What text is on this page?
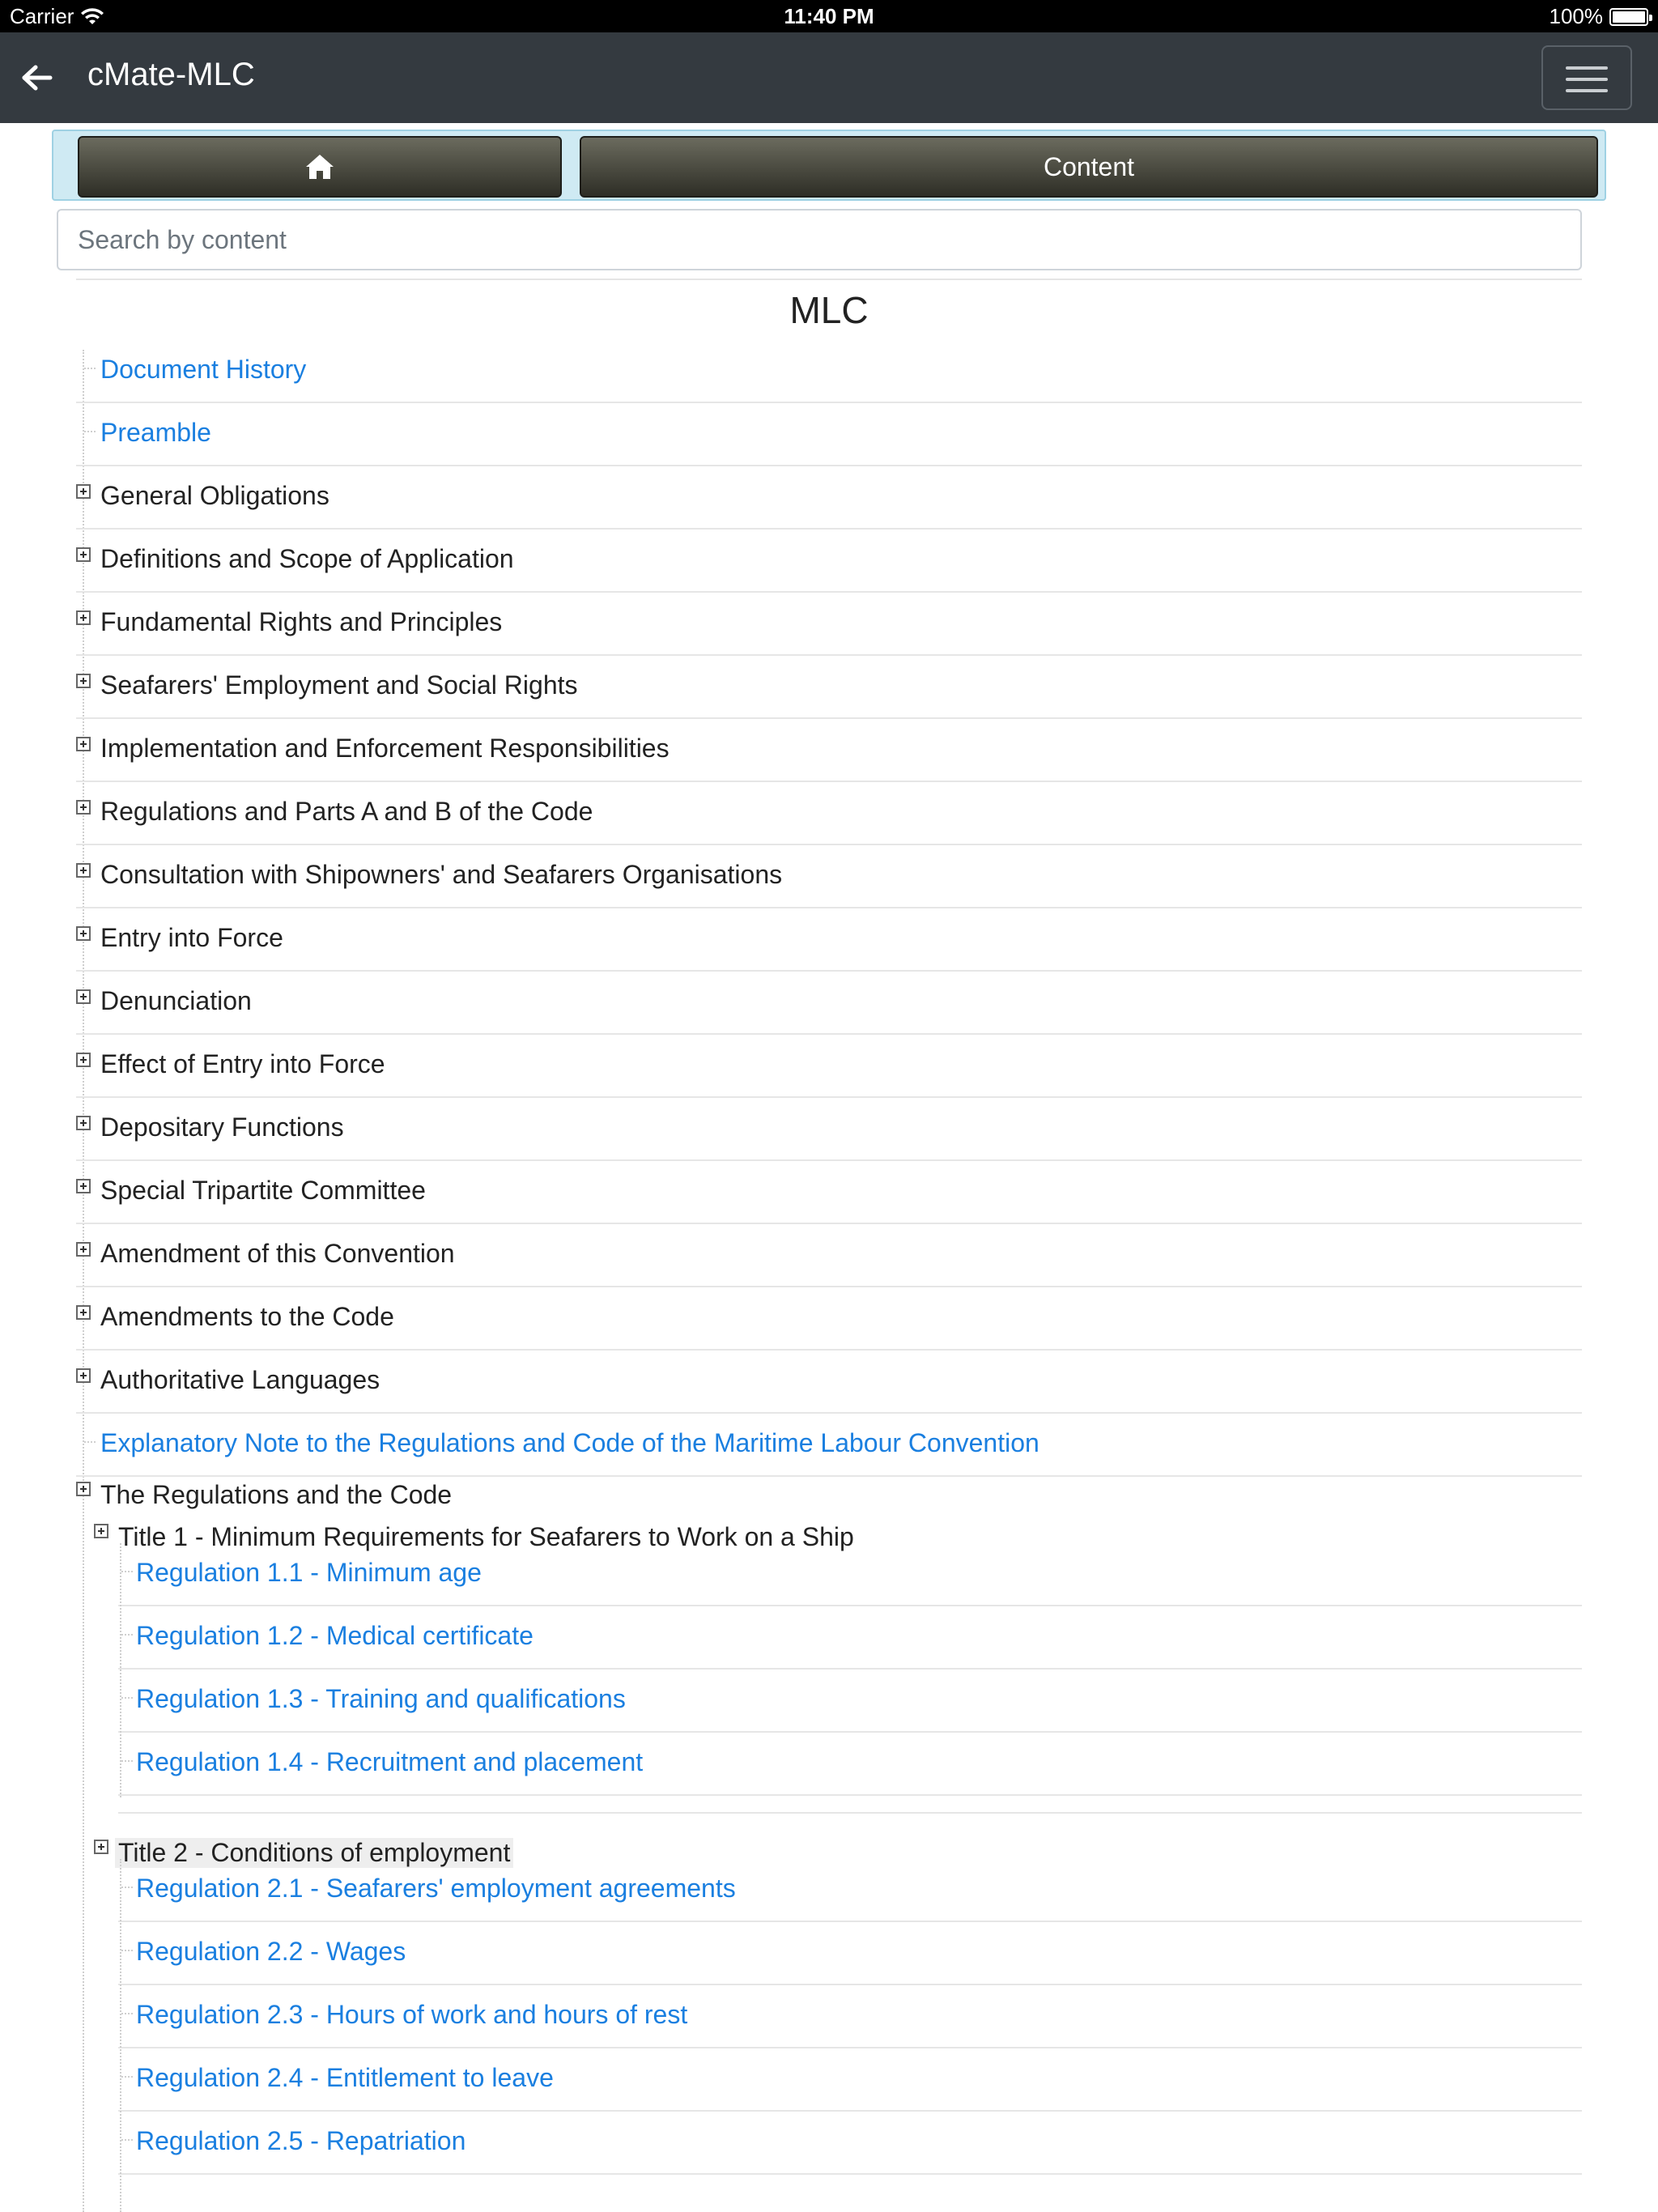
Carrier	11:40 PM	100%
cMate-MLC
Content
Search by content
MLC
Document History
Preamble
General Obligations
Definitions and Scope of Application
Fundamental Rights and Principles
Seafarers' Employment and Social Rights
Implementation and Enforcement Responsibilities
Regulations and Parts A and B of the Code
Consultation with Shipowners' and Seafarers Organisations
Entry into Force
Denunciation
Effect of Entry into Force
Depositary Functions
Special Tripartite Committee
Amendment of this Convention
Amendments to the Code
Authoritative Languages
Explanatory Note to the Regulations and Code of the Maritime Labour Convention
The Regulations and the Code
Title 1 - Minimum Requirements for Seafarers to Work on a Ship
Regulation 1.1 - Minimum age
Regulation 1.2 - Medical certificate
Regulation 1.3 - Training and qualifications
Regulation 1.4 - Recruitment and placement
Title 2 - Conditions of employment
Regulation 2.1 - Seafarers' employment agreements
Regulation 2.2 - Wages
Regulation 2.3 - Hours of work and hours of rest
Regulation 2.4 - Entitlement to leave
Regulation 2.5 - Repatriation
